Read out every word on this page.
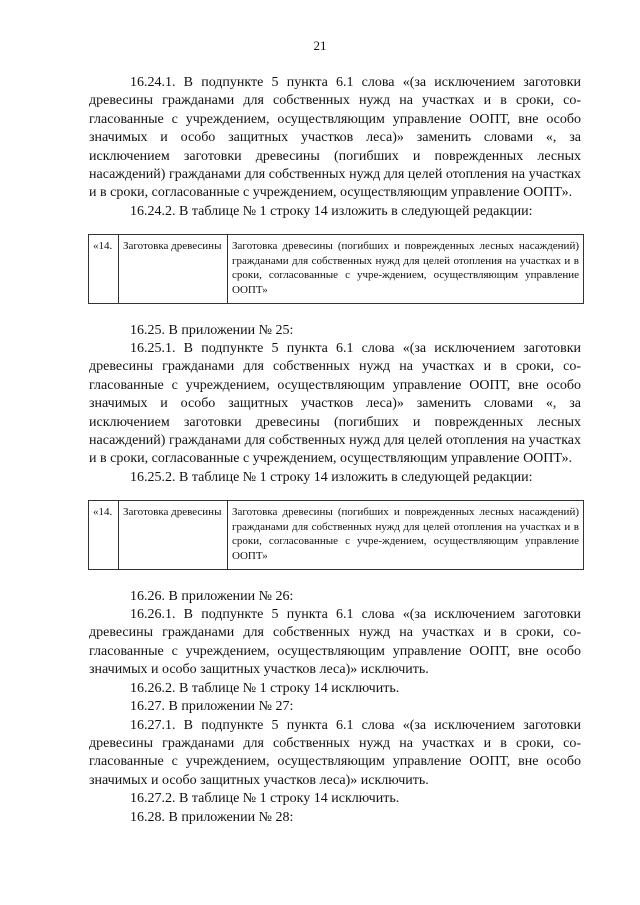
21

16.24.1. В подпункте 5 пункта 6.1 слова «(за исключением заготовки древесины гражданами для собственных нужд на участках и в сроки, со-гласованные с учреждением, осуществляющим управление ООПТ, вне особо значимых и особо защитных участков леса)» заменить словами «, за исключением заготовки древесины (погибших и поврежденных лесных насаждений) гражданами для собственных нужд для целей отопления на участках и в сроки, согласованные с учреждением, осуществляющим управление ООПТ».

16.24.2. В таблице № 1 строку 14 изложить в следующей редакции:

«14.	Заготовка древесины	Заготовка древесины (погибших и поврежденных лесных насаждений) гражданами для собственных нужд для целей отопления на участках и в сроки, согласованные с учре-ждением, осуществляющим управление ООПТ»

16.25. В приложении № 25:

16.25.1. В подпункте 5 пункта 6.1 слова «(за исключением заготовки древесины гражданами для собственных нужд на участках и в сроки, со-гласованные с учреждением, осуществляющим управление ООПТ, вне особо значимых и особо защитных участков леса)» заменить словами «, за исключением заготовки древесины (погибших и поврежденных лесных насаждений) гражданами для собственных нужд для целей отопления на участках и в сроки, согласованные с учреждением, осуществляющим управление ООПТ».

16.25.2. В таблице № 1 строку 14 изложить в следующей редакции:

«14.	Заготовка древесины	Заготовка древесины (погибших и поврежденных лесных насаждений) гражданами для собственных нужд для целей отопления на участках и в сроки, согласованные с учре-ждением, осуществляющим управление ООПТ»

16.26. В приложении № 26:

16.26.1. В подпункте 5 пункта 6.1 слова «(за исключением заготовки древесины гражданами для собственных нужд на участках и в сроки, со-гласованные с учреждением, осуществляющим управление ООПТ, вне особо значимых и особо защитных участков леса)» исключить.

16.26.2. В таблице № 1 строку 14 исключить.

16.27. В приложении № 27:

16.27.1. В подпункте 5 пункта 6.1 слова «(за исключением заготовки древесины гражданами для собственных нужд на участках и в сроки, со-гласованные с учреждением, осуществляющим управление ООПТ, вне особо значимых и особо защитных участков леса)» исключить.

16.27.2. В таблице № 1 строку 14 исключить.

16.28. В приложении № 28:
